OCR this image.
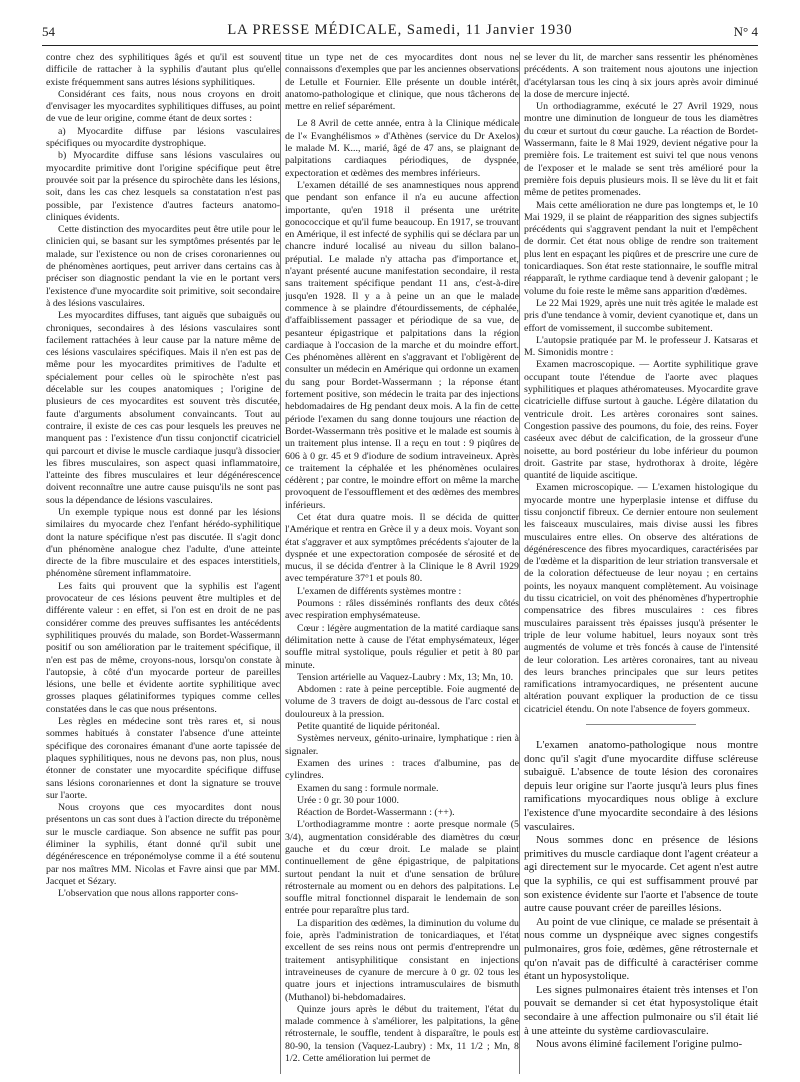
54	LA PRESSE MÉDICALE, Samedi, 11 Janvier 1930	N° 4

contre chez des syphilitiques âgés et qu'il est souvent difficile de rattacher à la syphilis d'autant plus qu'elle existe fréquemment sans autres lésions syphilitiques.

Considérant ces faits, nous nous croyons en droit d'envisager les myocardites syphilitiques diffuses, au point de vue de leur origine, comme étant de deux sortes :

a) Myocardite diffuse par lésions vasculaires spécifiques ou myocardite dystrophique.

b) Myocardite diffuse sans lésions vasculaires ou myocardite primitive dont l'origine spécifique peut être prouvée soit par la présence du spirochète dans les lésions, soit, dans les cas chez lesquels sa constatation n'est pas possible, par l'existence d'autres facteurs anatomo-cliniques évidents.

Cette distinction des myocardites peut être utile pour le clinicien qui, se basant sur les symptômes présentés par le malade, sur l'existence ou non de crises coronariennes ou de phénomènes aortiques, peut arriver dans certains cas à préciser son diagnostic pendant la vie en le portant vers l'existence d'une myocardite soit primitive, soit secondaire à des lésions vasculaires.

Les myocardites diffuses, tant aiguës que subaiguës ou chroniques, secondaires à des lésions vasculaires sont facilement rattachées à leur cause par la nature même de ces lésions vasculaires spécifiques. Mais il n'en est pas de même pour les myocardites primitives de l'adulte et spécialement pour celles où le spirochète n'est pas décelable sur les coupes anatomiques ; l'origine de plusieurs de ces myocardites est souvent très discutée, faute d'arguments absolument convaincants. Tout au contraire, il existe de ces cas pour lesquels les preuves ne manquent pas : l'existence d'un tissu conjonctif cicatriciel qui parcourt et divise le muscle cardiaque jusqu'à dissocier les fibres musculaires, son aspect quasi inflammatoire, l'atteinte des fibres musculaires et leur dégénérescence doivent reconnaître une autre cause puisqu'ils ne sont pas sous la dépendance de lésions vasculaires.

Un exemple typique nous est donné par les lésions similaires du myocarde chez l'enfant hérédo-syphilitique dont la nature spécifique n'est pas discutée. Il s'agit donc d'un phénomène analogue chez l'adulte, d'une atteinte directe de la fibre musculaire et des espaces interstitiels, phénomène sûrement inflammatoire.

Les faits qui prouvent que la syphilis est l'agent provocateur de ces lésions peuvent être multiples et de différente valeur : en effet, si l'on est en droit de ne pas considérer comme des preuves suffisantes les antécédents syphilitiques prouvés du malade, son Bordet-Wassermann positif ou son amélioration par le traitement spécifique, il n'en est pas de même, croyons-nous, lorsqu'on constate à l'autopsie, à côté d'un myocarde porteur de pareilles lésions, une belle et évidente aortite syphilitique avec grosses plaques gélatiniformes typiques comme celles constatées dans le cas que nous présentons.

Les règles en médecine sont très rares et, si nous sommes habitués à constater l'absence d'une atteinte spécifique des coronaires émanant d'une aorte tapissée de plaques syphilitiques, nous ne devons pas, non plus, nous étonner de constater une myocardite spécifique diffuse sans lésions coronariennes et dont la signature se trouve sur l'aorte.

Nous croyons que ces myocardites dont nous présentons un cas sont dues à l'action directe du tréponème sur le muscle cardiaque. Son absence ne suffit pas pour éliminer la syphilis, étant donné qu'il subit une dégénérescence en tréponémolyse comme il a été soutenu par nos maîtres MM. Nicolas et Favre ainsi que par MM. Jacquet et Sézary.

L'observation que nous allons rapporter cons-

titue un type net de ces myocardites dont nous ne connaissons d'exemples que par les anciennes observations de Letulle et Fournier. Elle présente un double intérêt, anatomo-pathologique et clinique, que nous tâcherons de mettre en relief séparément.

Le 8 Avril de cette année, entra à la Clinique médicale de l'« Evanghélismos » d'Athènes (service du Dr Axelos) le malade M. K..., marié, âgé de 47 ans, se plaignant de palpitations cardiaques périodiques, de dyspnée, expectoration et œdèmes des membres inférieurs.

L'examen détaillé de ses anamnestiques nous apprend que pendant son enfance il n'a eu aucune affection importante, qu'en 1918 il présenta une urétrite gonococcique et qu'il fume beaucoup. En 1917, se trouvant en Amérique, il est infecté de syphilis qui se déclara par un chancre induré localisé au niveau du sillon balano-préputial. Le malade n'y attacha pas d'importance et, n'ayant présenté aucune manifestation secondaire, il resta sans traitement spécifique pendant 11 ans, c'est-à-dire jusqu'en 1928. Il y a à peine un an que le malade commence à se plaindre d'étourdissements, de céphalée, d'affaiblissement passager et périodique de sa vue, de pesanteur épigastrique et palpitations dans la région cardiaque à l'occasion de la marche et du moindre effort. Ces phénomènes allèrent en s'aggravant et l'obligèrent de consulter un médecin en Amérique qui ordonne un examen du sang pour Bordet-Wassermann ; la réponse étant fortement positive, son médecin le traita par des injections hebdomadaires de Hg pendant deux mois. A la fin de cette période l'examen du sang donne toujours une réaction de Bordet-Wassermann très positive et le malade est soumis à un traitement plus intense. Il a reçu en tout : 9 piqûres de 606 à 0 gr. 45 et 9 d'iodure de sodium intraveineux. Après ce traitement la céphalée et les phénomènes oculaires cédèrent ; par contre, le moindre effort on même la marche provoquent de l'essoufflement et des œdèmes des membres inférieurs.

Cet état dura quatre mois. Il se décida de quitter l'Amérique et rentra en Grèce il y a deux mois. Voyant son état s'aggraver et aux symptômes précédents s'ajouter de la dyspnée et une expectoration composée de sérosité et de mucus, il se décida d'entrer à la Clinique le 8 Avril 1929 avec température 37°1 et pouls 80.

L'examen de différents systèmes montre :

Poumons : râles disséminés ronflants des deux côtés avec respiration emphysémateuse.

Cœur : légère augmentation de la matité cardiaque sans délimitation nette à cause de l'état emphysémateux, léger souffle mitral systolique, pouls régulier et petit à 80 par minute.

Tension artérielle au Vaquez-Laubry : Mx, 13; Mn, 10.

Abdomen : rate à peine perceptible. Foie augmenté de volume de 3 travers de doigt au-dessous de l'arc costal et douloureux à la pression.

Petite quantité de liquide péritonéal.

Systèmes nerveux, génito-urinaire, lymphatique : rien à signaler.

Examen des urines : traces d'albumine, pas de cylindres.

Examen du sang : formule normale.

Urée : 0 gr. 30 pour 1000.

Réaction de Bordet-Wassermann : (++).

L'orthodiagramme montre : aorte presque normale (5 3/4), augmentation considérable des diamètres du cœur gauche et du cœur droit. Le malade se plaint continuellement de gêne épigastrique, de palpitations surtout pendant la nuit et d'une sensation de brûlure rétrosternale au moment ou en dehors des palpitations. Le souffle mitral fonctionnel disparait le lendemain de son entrée pour reparaître plus tard.

La disparition des œdèmes, la diminution du volume du foie, après l'administration de tonicardiaques, et l'état excellent de ses reins nous ont permis d'entreprendre un traitement antisyphilitique consistant en injections intraveineuses de cyanure de mercure à 0 gr. 02 tous les quatre jours et injections intramusculaires de bismuth (Muthanol) bi-hebdomadaires.

Quinze jours après le début du traitement, l'état du malade commence à s'améliorer, les palpitations, la gêne rétrosternale, le souffle, tendent à disparaître, le pouls est 80-90, la tension (Vaquez-Laubry) : Mx, 11 1/2 ; Mn, 8 1/2. Cette amélioration lui permet de

se lever du lit, de marcher sans ressentir les phénomènes précédents. A son traitement nous ajoutons une injection d'acétylarsan tous les cinq à six jours après avoir diminué la dose de mercure injecté.

Un orthodiagramme, exécuté le 27 Avril 1929, nous montre une diminution de longueur de tous les diamètres du cœur et surtout du cœur gauche. La réaction de Bordet-Wassermann, faite le 8 Mai 1929, devient négative pour la première fois. Le traitement est suivi tel que nous venons de l'exposer et le malade se sent très amélioré pour la première fois depuis plusieurs mois. Il se lève du lit et fait même de petites promenades.

Mais cette amélioration ne dure pas longtemps et, le 10 Mai 1929, il se plaint de réapparition des signes subjectifs précédents qui s'aggravent pendant la nuit et l'empêchent de dormir. Cet état nous oblige de rendre son traitement plus lent en espaçant les piqûres et de prescrire une cure de tonicardiaques. Son état reste stationnaire, le souffle mitral réapparaît, le rythme cardiaque tend à devenir galopant ; le volume du foie reste le même sans apparition d'œdèmes.

Le 22 Mai 1929, après une nuit très agitée le malade est pris d'une tendance à vomir, devient cyanotique et, dans un effort de vomissement, il succombe subitement.

L'autopsie pratiquée par M. le professeur J. Katsaras et M. Simonidis montre :

Examen macroscopique. — Aortite syphilitique grave occupant toute l'étendue de l'aorte avec plaques syphilitiques et plaques athéromateuses. Myocardite grave cicatricielle diffuse surtout à gauche. Légère dilatation du ventricule droit. Les artères coronaires sont saines. Congestion passive des poumons, du foie, des reins. Foyer caséeux avec début de calcification, de la grosseur d'une noisette, au bord postérieur du lobe inférieur du poumon droit. Gastrite par stase, hydrothorax à droite, légère quantité de liquide ascitique.

Examen microscopique. — L'examen histologique du myocarde montre une hyperplasie intense et diffuse du tissu conjonctif fibreux. Ce dernier entoure non seulement les faisceaux musculaires, mais divise aussi les fibres musculaires entre elles. On observe des altérations de dégénérescence des fibres myocardiques, caractérisées par de l'œdème et la disparition de leur striation transversale et de la coloration défectueuse de leur noyau ; en certains points, les noyaux manquent complètement. Au voisinage du tissu cicatriciel, on voit des phénomènes d'hypertrophie compensatrice des fibres musculaires : ces fibres musculaires paraissent très épaisses jusqu'à présenter le triple de leur volume habituel, leurs noyaux sont très augmentés de volume et très foncés à cause de l'intensité de leur coloration. Les artères coronaires, tant au niveau des leurs branches principales que sur leurs petites ramifications intramyocardiques, ne présentent aucune altération pouvant expliquer la production de ce tissu cicatriciel étendu. On note l'absence de foyers gommeux.

L'examen anatomo-pathologique nous montre donc qu'il s'agit d'une myocardite diffuse scléreuse subaiguë. L'absence de toute lésion des coronaires depuis leur origine sur l'aorte jusqu'à leurs plus fines ramifications myocardiques nous oblige à exclure l'existence d'une myocardite secondaire à des lésions vasculaires.

Nous sommes donc en présence de lésions primitives du muscle cardiaque dont l'agent créateur a agi directement sur le myocarde. Cet agent n'est autre que la syphilis, ce qui est suffisamment prouvé par son existence évidente sur l'aorte et l'absence de toute autre cause pouvant créer de pareilles lésions.

Au point de vue clinique, ce malade se présentait à nous comme un dyspnéique avec signes congestifs pulmonaires, gros foie, œdèmes, gêne rétrosternale et qu'on n'avait pas de difficulté à caractériser comme étant un hyposystolique.

Les signes pulmonaires étaient très intenses et l'on pouvait se demander si cet état hyposystolique était secondaire à une affection pulmonaire ou s'il était lié à une atteinte du système cardiovasculaire.

Nous avons éliminé facilement l'origine pulmo-
